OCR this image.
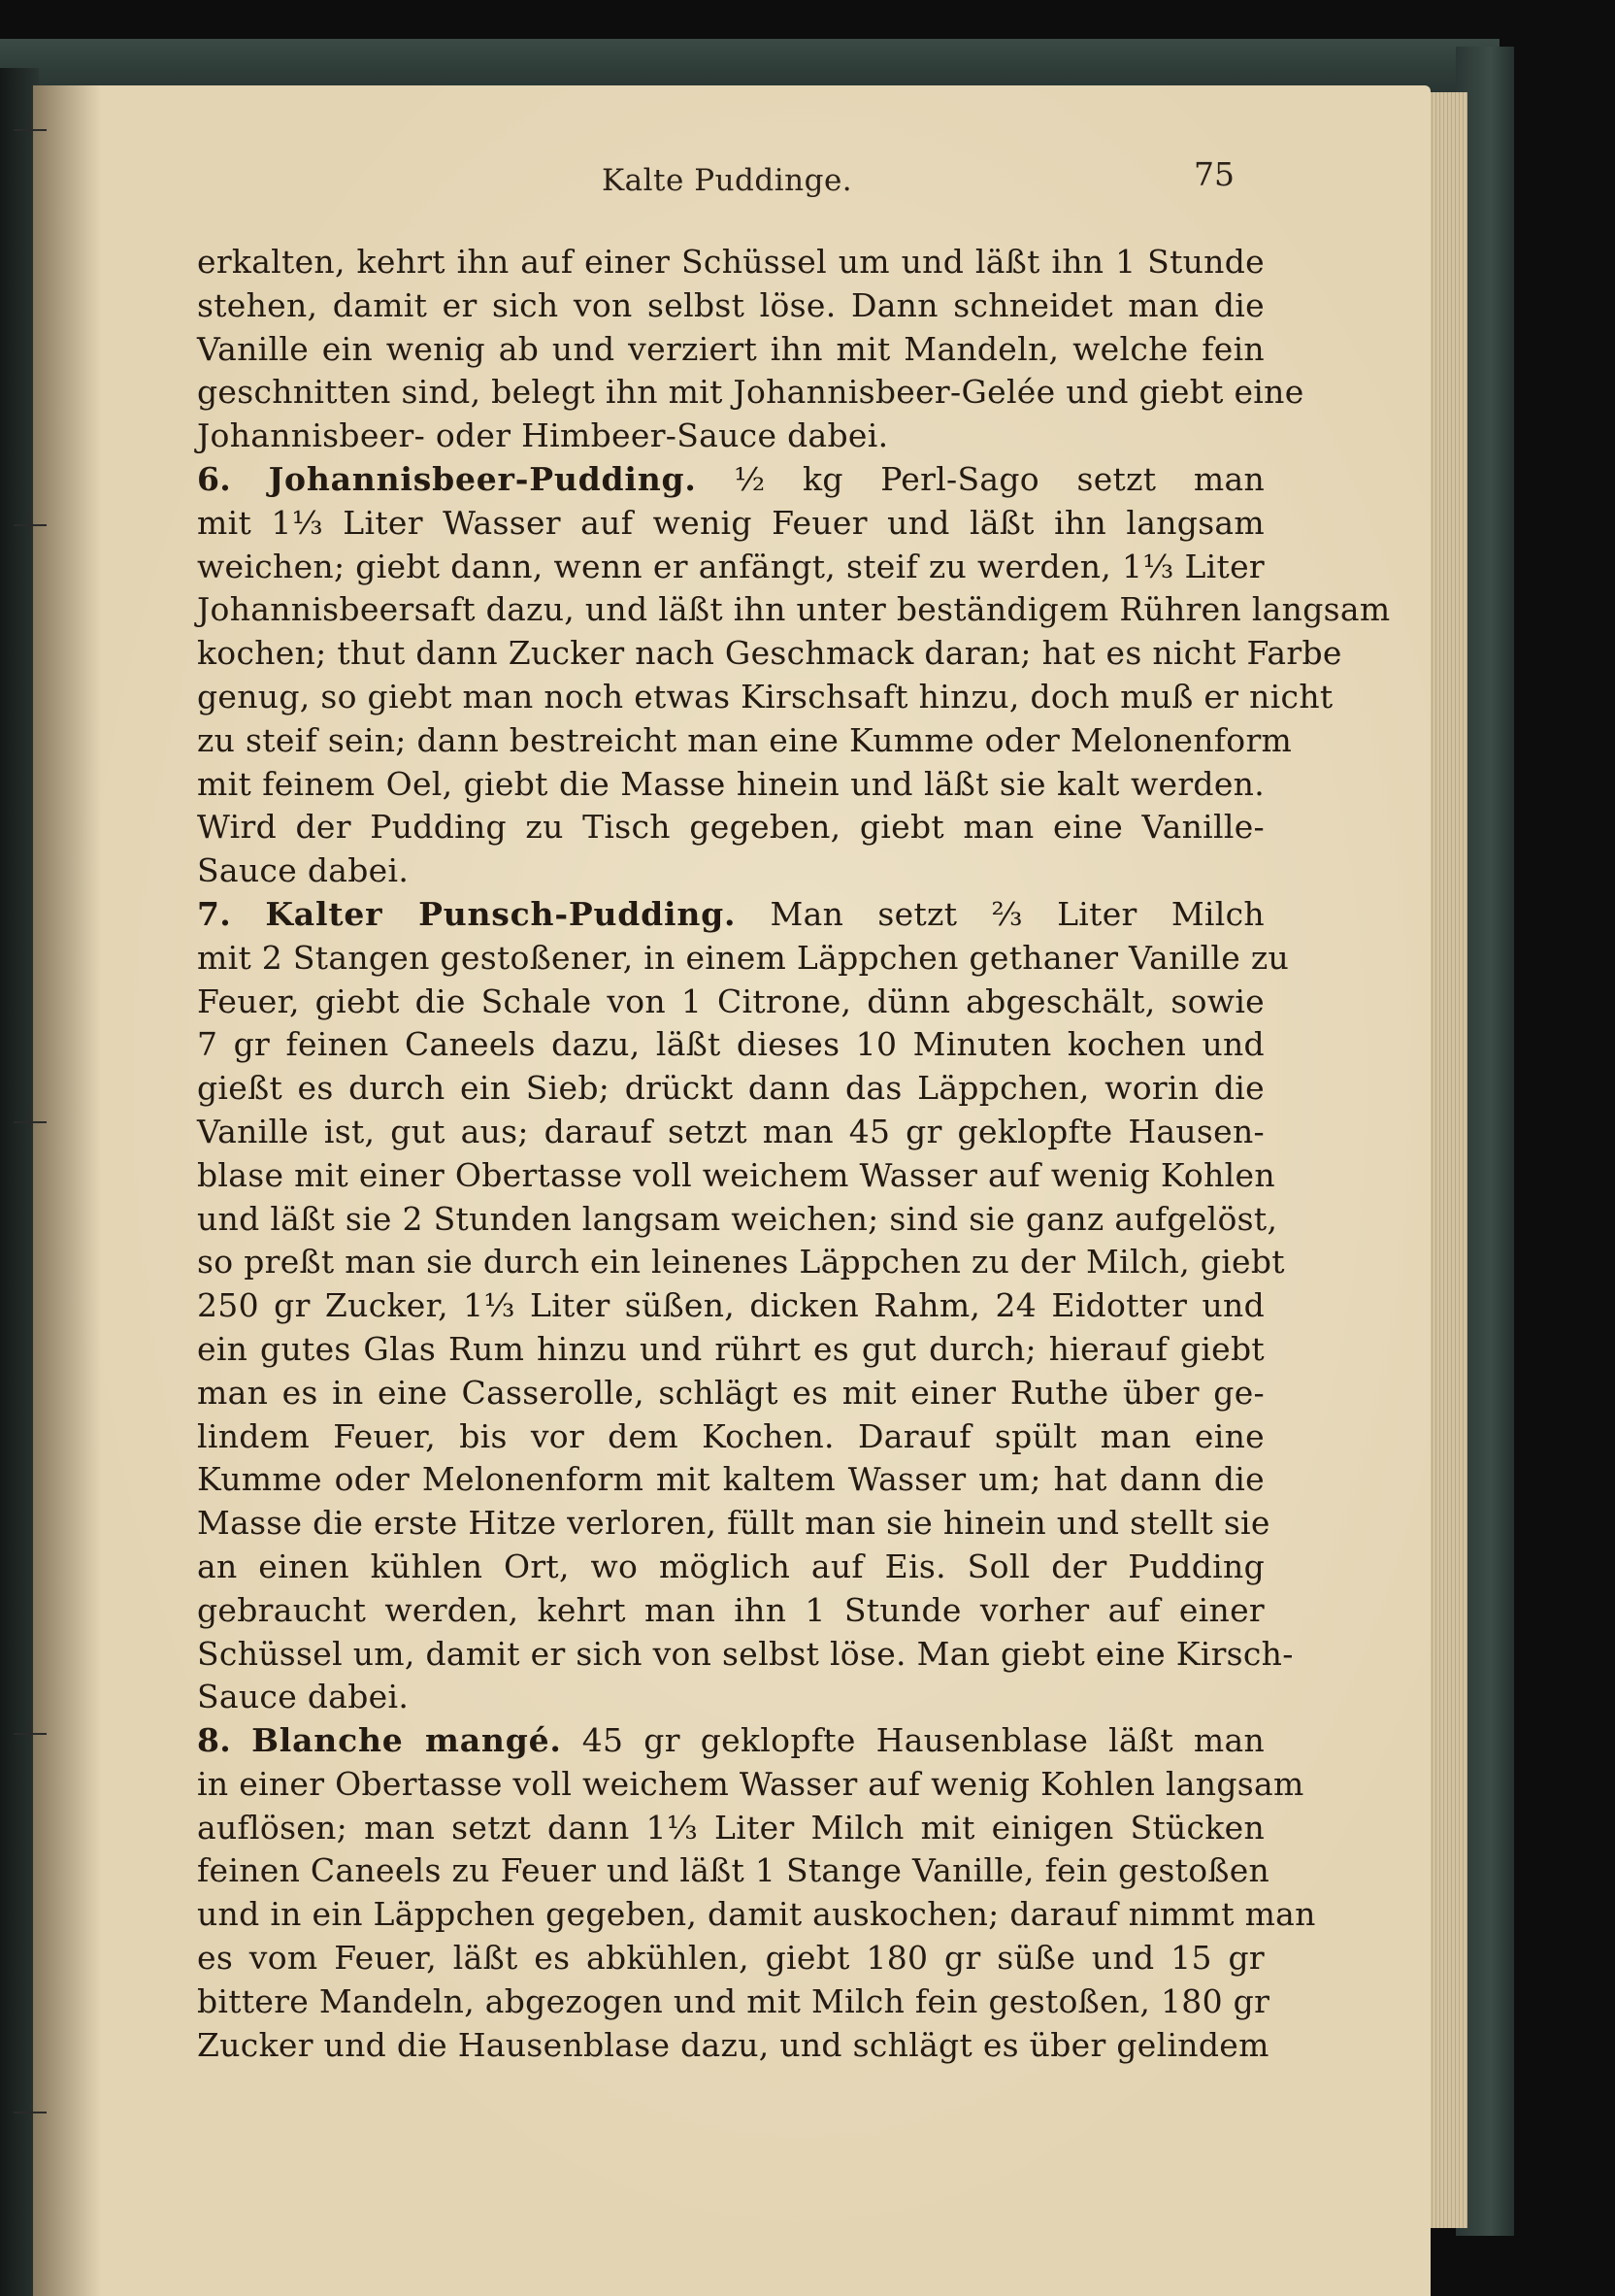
Kalte Puddinge.	75
erkalten, kehrt ihn auf einer Schüssel um und läßt ihn 1 Stunde
stehen, damit er sich von selbst löse. Dann schneidet man die
Vanille ein wenig ab und verziert ihn mit Mandeln, welche fein
geschnitten sind, belegt ihn mit Johannisbeer-Gelée und giebt eine
Johannisbeer- oder Himbeer-Sauce dabei.
6. Johannisbeer-Pudding. ½ kg Perl-Sago setzt man
mit 1⅓ Liter Wasser auf wenig Feuer und läßt ihn langsam
weichen; giebt dann, wenn er anfängt, steif zu werden, 1⅓ Liter
Johannisbeersaft dazu, und läßt ihn unter beständigem Rühren langsam
kochen; thut dann Zucker nach Geschmack daran; hat es nicht Farbe
genug, so giebt man noch etwas Kirschsaft hinzu, doch muß er nicht
zu steif sein; dann bestreicht man eine Kumme oder Melonenform
mit feinem Oel, giebt die Masse hinein und läßt sie kalt werden.
Wird der Pudding zu Tisch gegeben, giebt man eine Vanille-
Sauce dabei.
7. Kalter Punsch-Pudding. Man setzt ⅔ Liter Milch
mit 2 Stangen gestoßener, in einem Läppchen gethaner Vanille zu
Feuer, giebt die Schale von 1 Citrone, dünn abgeschält, sowie
7 gr feinen Caneels dazu, läßt dieses 10 Minuten kochen und
gießt es durch ein Sieb; drückt dann das Läppchen, worin die
Vanille ist, gut aus; darauf setzt man 45 gr geklopfte Hausen-
blase mit einer Obertasse voll weichem Wasser auf wenig Kohlen
und läßt sie 2 Stunden langsam weichen; sind sie ganz aufgelöst,
so preßt man sie durch ein leinenes Läppchen zu der Milch, giebt
250 gr Zucker, 1⅓ Liter süßen, dicken Rahm, 24 Eidotter und
ein gutes Glas Rum hinzu und rührt es gut durch; hierauf giebt
man es in eine Casserolle, schlägt es mit einer Ruthe über ge-
lindem Feuer, bis vor dem Kochen. Darauf spült man eine
Kumme oder Melonenform mit kaltem Wasser um; hat dann die
Masse die erste Hitze verloren, füllt man sie hinein und stellt sie
an einen kühlen Ort, wo möglich auf Eis. Soll der Pudding
gebraucht werden, kehrt man ihn 1 Stunde vorher auf einer
Schüssel um, damit er sich von selbst löse. Man giebt eine Kirsch-
Sauce dabei.
8. Blanche mangé. 45 gr geklopfte Hausenblase läßt man
in einer Obertasse voll weichem Wasser auf wenig Kohlen langsam
auflösen; man setzt dann 1⅓ Liter Milch mit einigen Stücken
feinen Caneels zu Feuer und läßt 1 Stange Vanille, fein gestoßen
und in ein Läppchen gegeben, damit auskochen; darauf nimmt man
es vom Feuer, läßt es abkühlen, giebt 180 gr süße und 15 gr
bittere Mandeln, abgezogen und mit Milch fein gestoßen, 180 gr
Zucker und die Hausenblase dazu, und schlägt es über gelindem
